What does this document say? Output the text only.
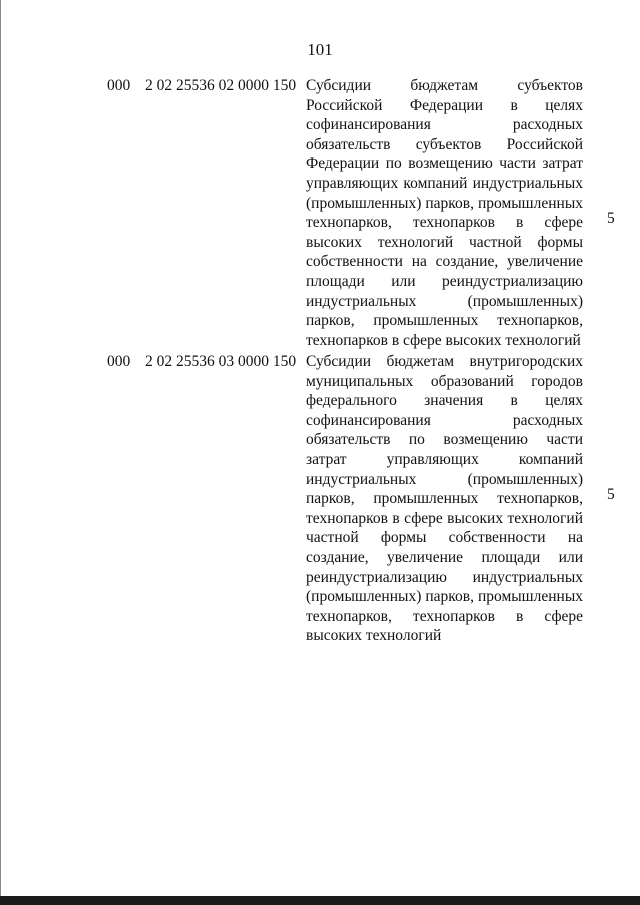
101
000 2 02 25536 02 0000 150 Субсидии бюджетам субъектов Российской Федерации в целях софинансирования расходных обязательств субъектов Российской Федерации по возмещению части затрат управляющих компаний индустриальных (промышленных) парков, промышленных технопарков, технопарков в сфере высоких технологий частной формы собственности на создание, увеличение площади или реиндустриализацию индустриальных (промышленных) парков, промышленных технопарков, технопарков в сфере высоких технологий
5
000 2 02 25536 03 0000 150 Субсидии бюджетам внутригородских муниципальных образований городов федерального значения в целях софинансирования расходных обязательств по возмещению части затрат управляющих компаний индустриальных (промышленных) парков, промышленных технопарков, технопарков в сфере высоких технологий частной формы собственности на создание, увеличение площади или реиндустриализацию индустриальных (промышленных) парков, промышленных технопарков, технопарков в сфере высоких технологий
5
